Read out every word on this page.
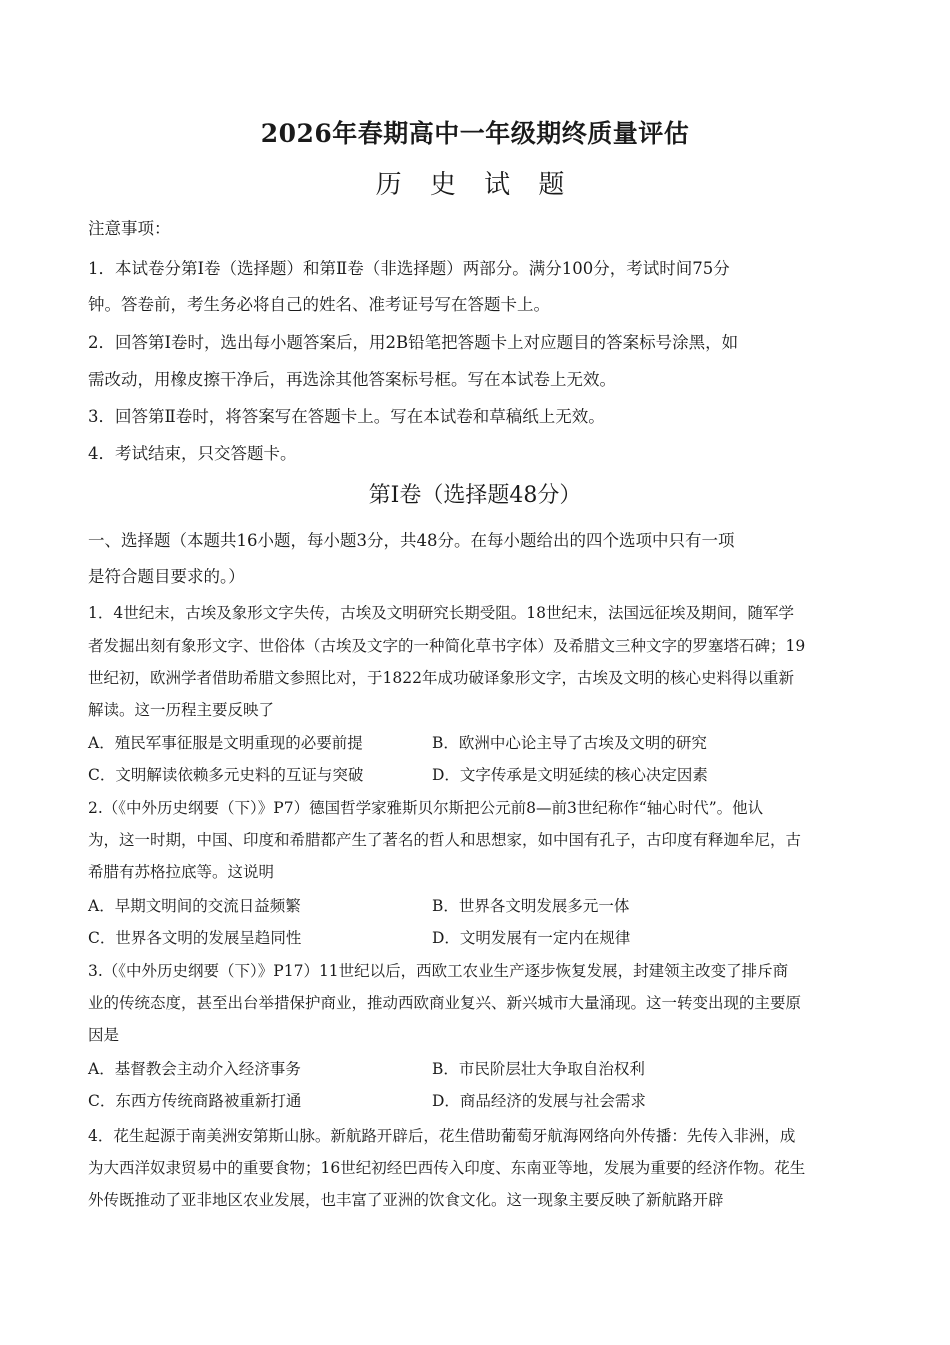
2026年春期高中一年级期终质量评估
历 史 试 题
注意事项：
1．本试卷分第Ⅰ卷（选择题）和第Ⅱ卷（非选择题）两部分。满分100分，考试时间75分
钟。答卷前，考生务必将自己的姓名、准考证号写在答题卡上。
2．回答第Ⅰ卷时，选出每小题答案后，用2B铅笔把答题卡上对应题目的答案标号涂黑，如
需改动，用橡皮擦干净后，再选涂其他答案标号框。写在本试卷上无效。
3．回答第Ⅱ卷时，将答案写在答题卡上。写在本试卷和草稿纸上无效。
4．考试结束，只交答题卡。
第Ⅰ卷（选择题48分）
一、选择题（本题共16小题，每小题3分，共48分。在每小题给出的四个选项中只有一项
是符合题目要求的。）
1．4世纪末，古埃及象形文字失传，古埃及文明研究长期受阻。18世纪末，法国远征埃及期间，随军学
者发掘出刻有象形文字、世俗体（古埃及文字的一种简化草书字体）及希腊文三种文字的罗塞塔石碑；19
世纪初，欧洲学者借助希腊文参照比对，于1822年成功破译象形文字，古埃及文明的核心史料得以重新
解读。这一历程主要反映了
A．殖民军事征服是文明重现的必要前提	B．欧洲中心论主导了古埃及文明的研究
C．文明解读依赖多元史料的互证与突破	D．文字传承是文明延续的核心决定因素
2.（《中外历史纲要（下）》P7）德国哲学家雅斯贝尔斯把公元前8—前3世纪称作“轴心时代”。他认
为，这一时期，中国、印度和希腊都产生了著名的哲人和思想家，如中国有孔子，古印度有释迦牟尼，古
希腊有苏格拉底等。这说明
A．早期文明间的交流日益频繁	B．世界各文明发展多元一体
C．世界各文明的发展呈趋同性	D．文明发展有一定内在规律
3.（《中外历史纲要（下）》P17）11世纪以后，西欧工农业生产逐步恢复发展，封建领主改变了排斥商
业的传统态度，甚至出台举措保护商业，推动西欧商业复兴、新兴城市大量涌现。这一转变出现的主要原
因是
A．基督教会主动介入经济事务	B．市民阶层壮大争取自治权利
C．东西方传统商路被重新打通	D．商品经济的发展与社会需求
4．花生起源于南美洲安第斯山脉。新航路开辟后，花生借助葡萄牙航海网络向外传播：先传入非洲，成
为大西洋奴隶贸易中的重要食物；16世纪初经巴西传入印度、东南亚等地，发展为重要的经济作物。花生
外传既推动了亚非地区农业发展，也丰富了亚洲的饮食文化。这一现象主要反映了新航路开辟
